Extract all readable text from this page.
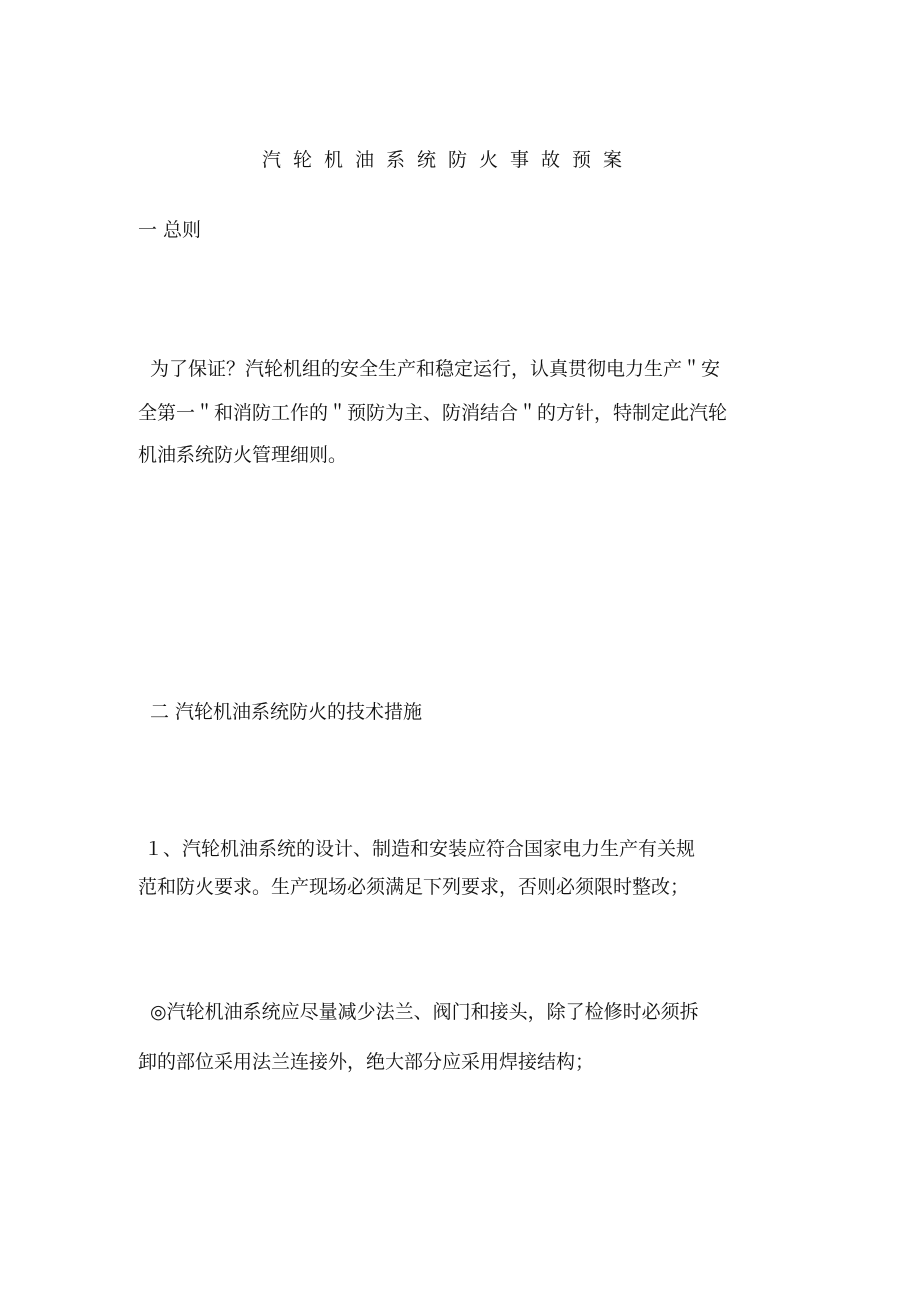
汽轮机油系统防火事故预案
一 总则
为了保证？汽轮机组的安全生产和稳定运行，认真贯彻电力生产＂安
全第一＂和消防工作的＂预防为主、防消结合＂的方针，特制定此汽轮
机油系统防火管理细则。
二 汽轮机油系统防火的技术措施
１、汽轮机油系统的设计、制造和安装应符合国家电力生产有关规
范和防火要求。生产现场必须满足下列要求，否则必须限时整改；
◎汽轮机油系统应尽量减少法兰、阀门和接头，除了检修时必须拆
卸的部位采用法兰连接外，绝大部分应采用焊接结构；
